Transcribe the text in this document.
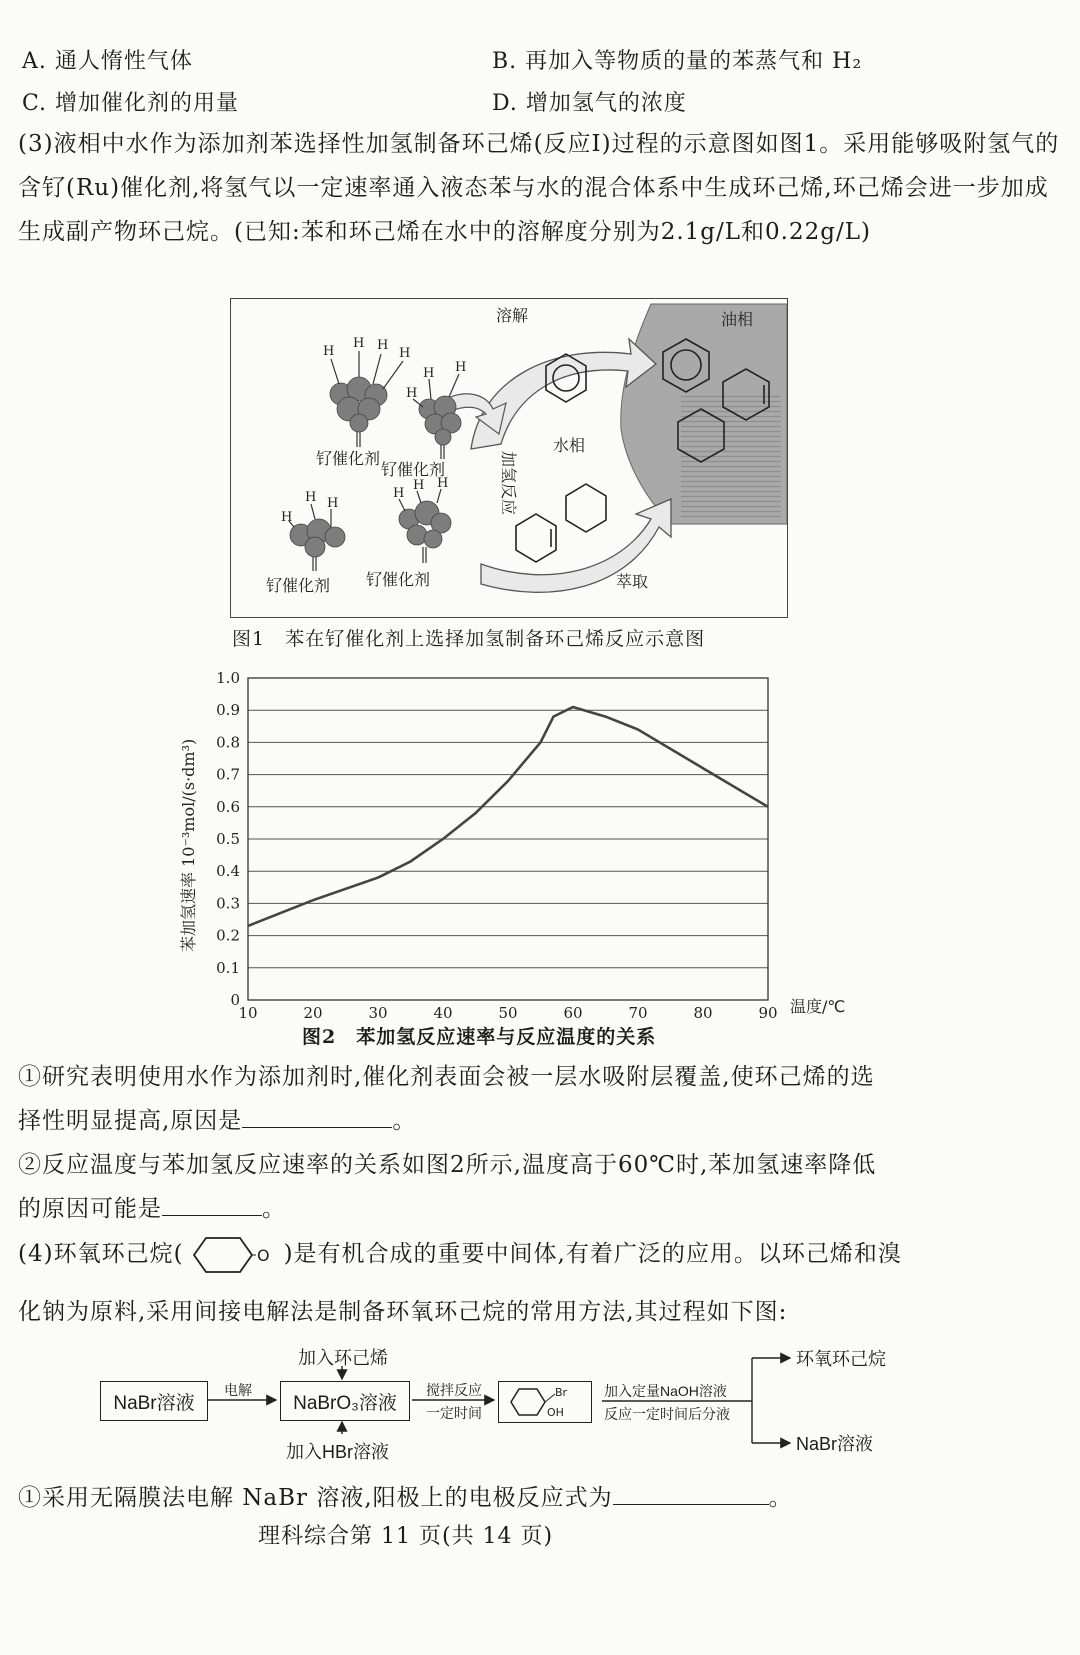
A. 通人惰性气体	B. 再加入等物质的量的苯蒸气和 H₂
C. 增加催化剂的用量	D. 增加氢气的浓度
(3)液相中水作为添加剂苯选择性加氢制备环己烯(反应Ⅰ)过程的示意图如图1。采用能够吸附氢气的含钌(Ru)催化剂,将氢气以一定速率通入液态苯与水的混合体系中生成环己烯,环己烯会进一步加成生成副产物环己烷。(已知:苯和环己烯在水中的溶解度分别为2.1g/L和0.22g/L)
H
H H
H
H H
H
H
H H
H
H H
溶解	油相
水相
萃取
钌催化剂
钌催化剂
钌催化剂 钌催化剂
加氢反应
图1　苯在钌催化剂上选择加氢制备环己烯反应示意图
0
0.1
0.2
0.3
0.4
0.5
0.6
0.7
0.8
0.9
1.0
10	20	30	40	50	60	70	80	90 温度/℃
苯加氢速率 10⁻³mol/(s·dm³)
图2　苯加氢反应速率与反应温度的关系
①研究表明使用水作为添加剂时,催化剂表面会被一层水吸附层覆盖,使环己烯的选
择性明显提高,原因是	。
②反应温度与苯加氢反应速率的关系如图2所示,温度高于60℃时,苯加氢速率降低
的原因可能是	。
(4)环氧环己烷(	O )是有机合成的重要中间体,有着广泛的应用。以环己烯和溴
化钠为原料,采用间接电解法是制备环氧环己烷的常用方法,其过程如下图:
加入环己烯
NaBr溶液	NaBrO₃溶液
加入HBr溶液
Br
OH
加入定量NaOH溶液
反应一定时间后分液
电解	搅拌反应
一定时间
环氧环己烷
NaBr溶液
①采用无隔膜法电解 NaBr 溶液,阳极上的电极反应式为	。
理科综合第 11 页(共 14 页)
